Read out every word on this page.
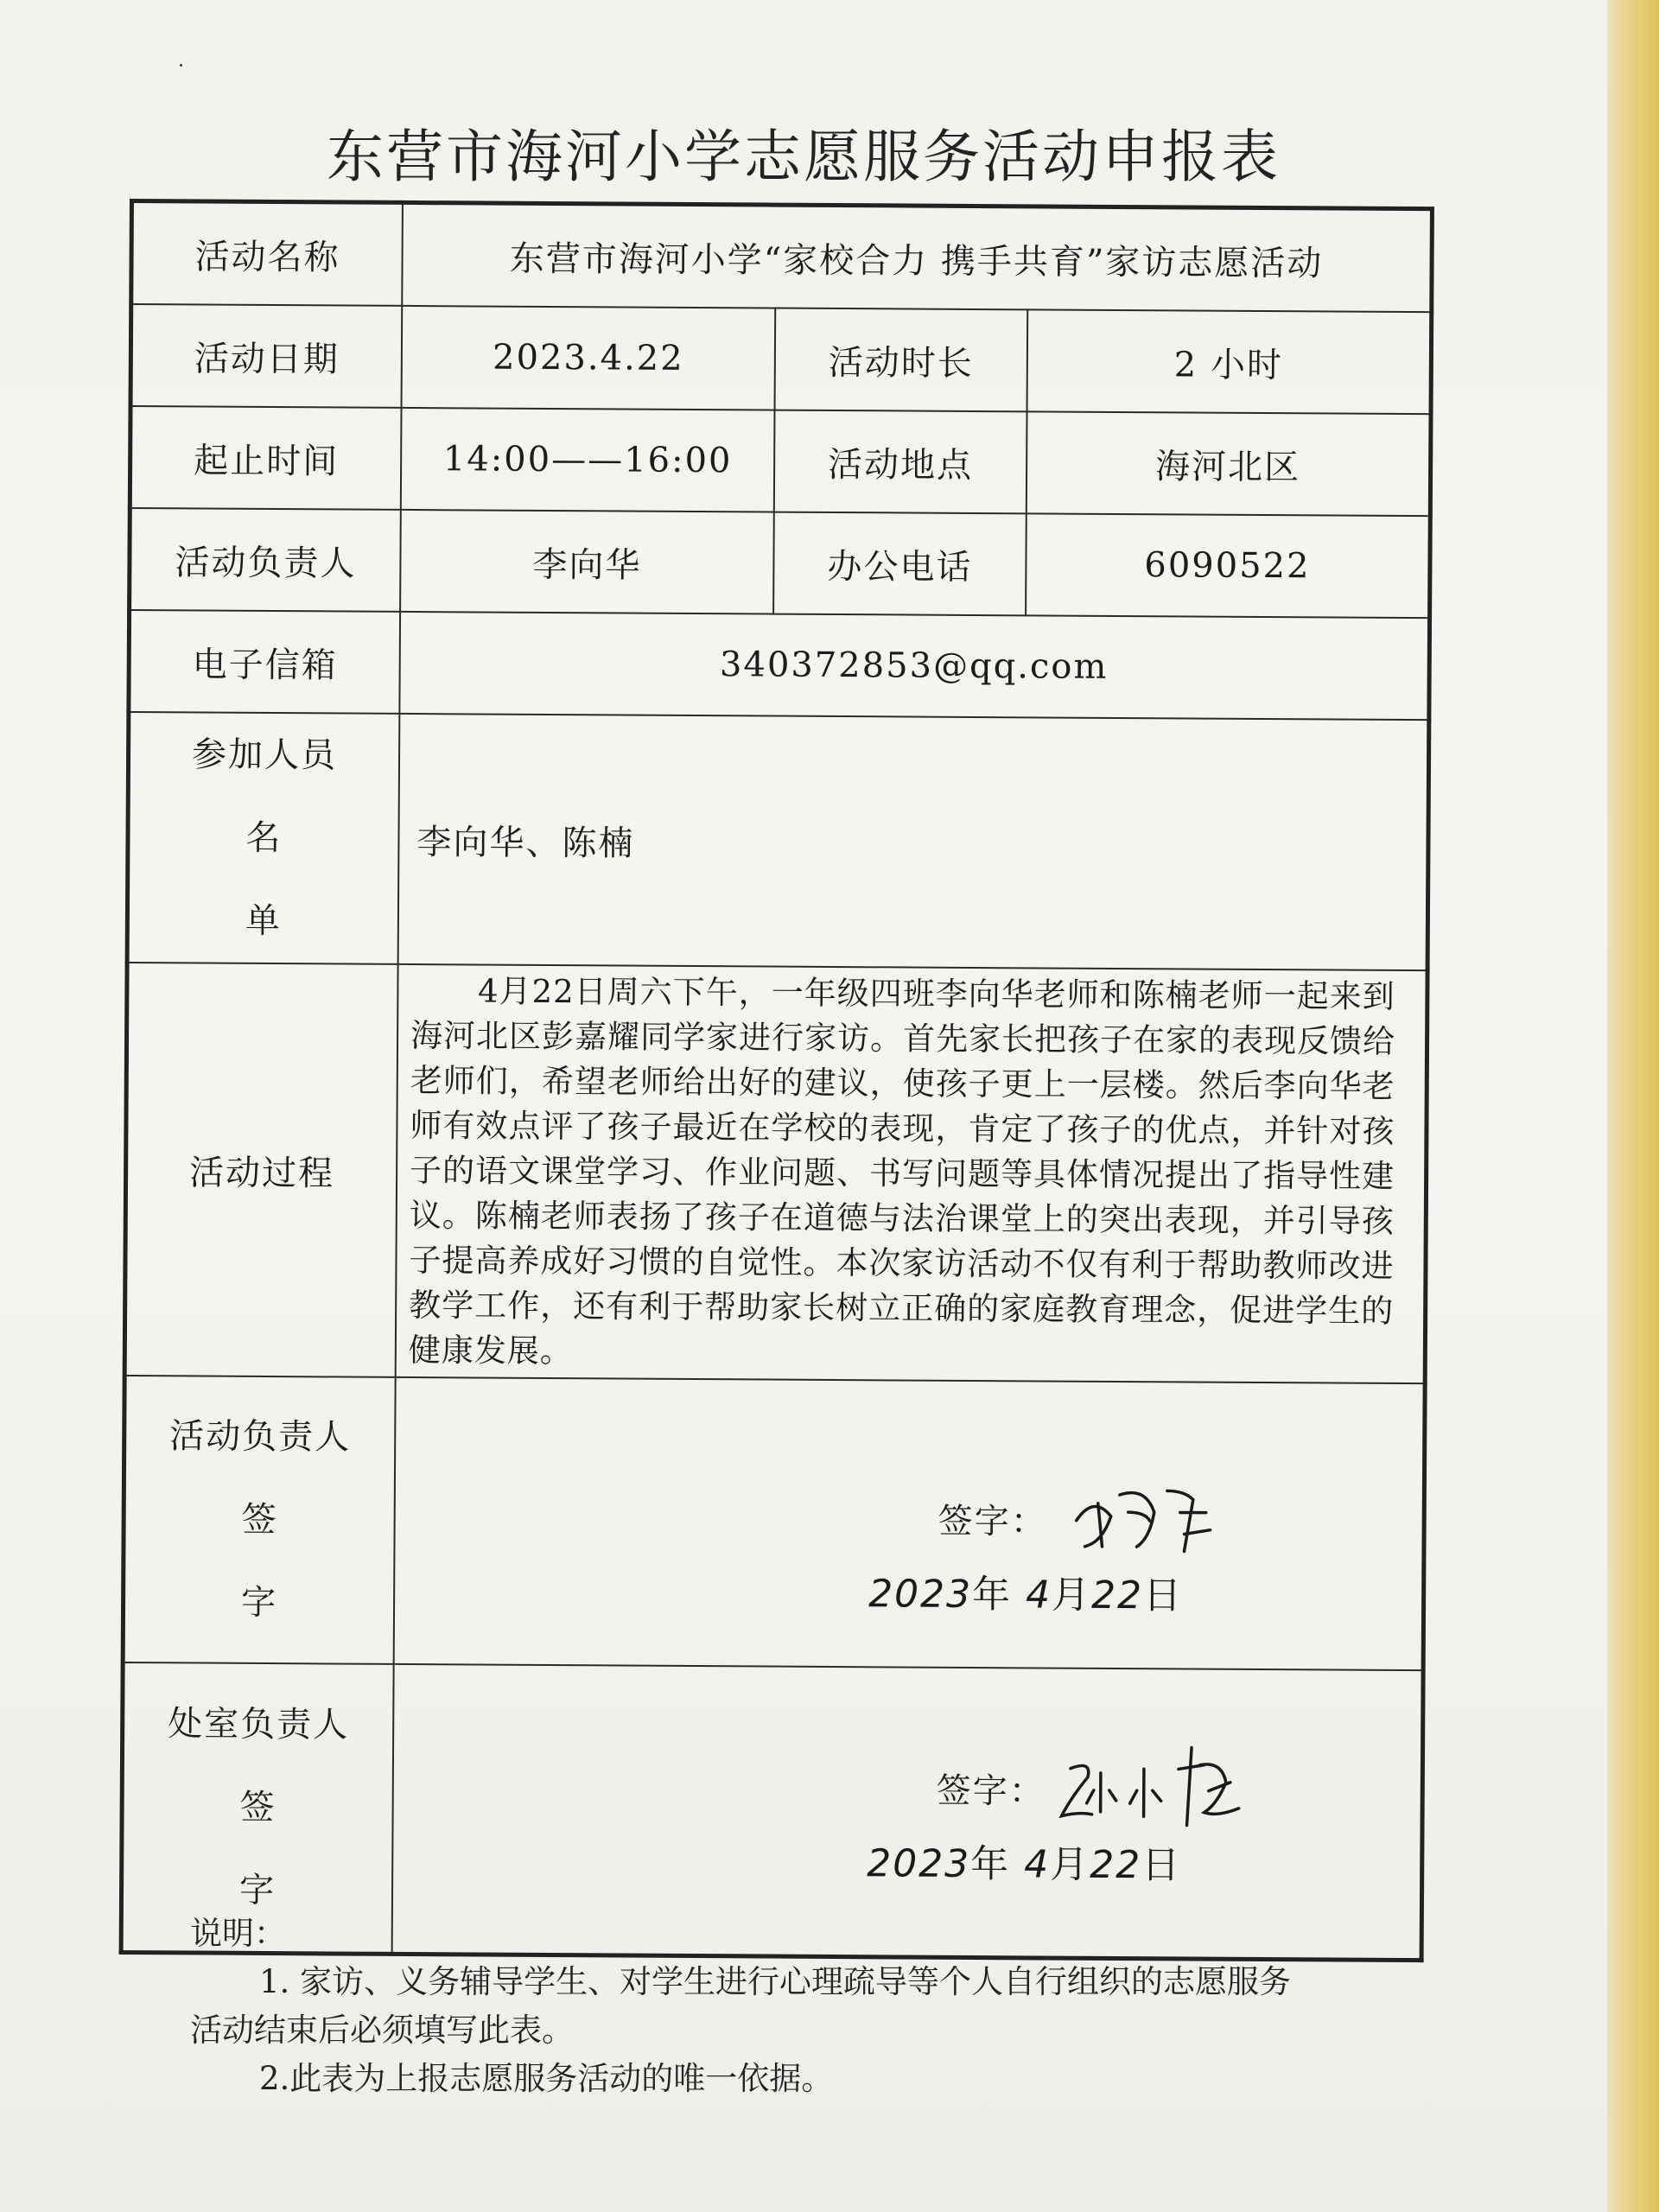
东营市海河小学志愿服务活动申报表
活动名称	东营市海河小学“家校合力 携手共育”家访志愿活动		
活动日期	2023.4.22	活动时长	2 小时
起止时间	14:00——16:00	活动地点	海河北区
活动负责人	李向华	办公电话	6090522
电子信箱	340372853@qq.com		

参加人员
名
单	李向华、陈楠		
活动过程	4月22日周六下午，一年级四班李向华老师和陈楠老师一起来到海河北区彭嘉耀同学家进行家访。首先家长把孩子在家的表现反馈给老师们，希望老师给出好的建议，使孩子更上一层楼。然后李向华老师有效点评了孩子最近在学校的表现，肯定了孩子的优点，并针对孩子的语文课堂学习、作业问题、书写问题等具体情况提出了指导性建议。陈楠老师表扬了孩子在道德与法治课堂上的突出表现，并引导孩子提高养成好习惯的自觉性。本次家访活动不仅有利于帮助教师改进教学工作，还有利于帮助家长树立正确的家庭教育理念，促进学生的健康发展。		

活动负责人
签
字	签字：
2023年 4月22日		

处室负责人
签
字	签字：
2023年 4月22日		

说明：

1. 家访、义务辅导学生、对学生进行心理疏导等个人自行组织的志愿服务

活动结束后必须填写此表。

2.此表为上报志愿服务活动的唯一依据。
